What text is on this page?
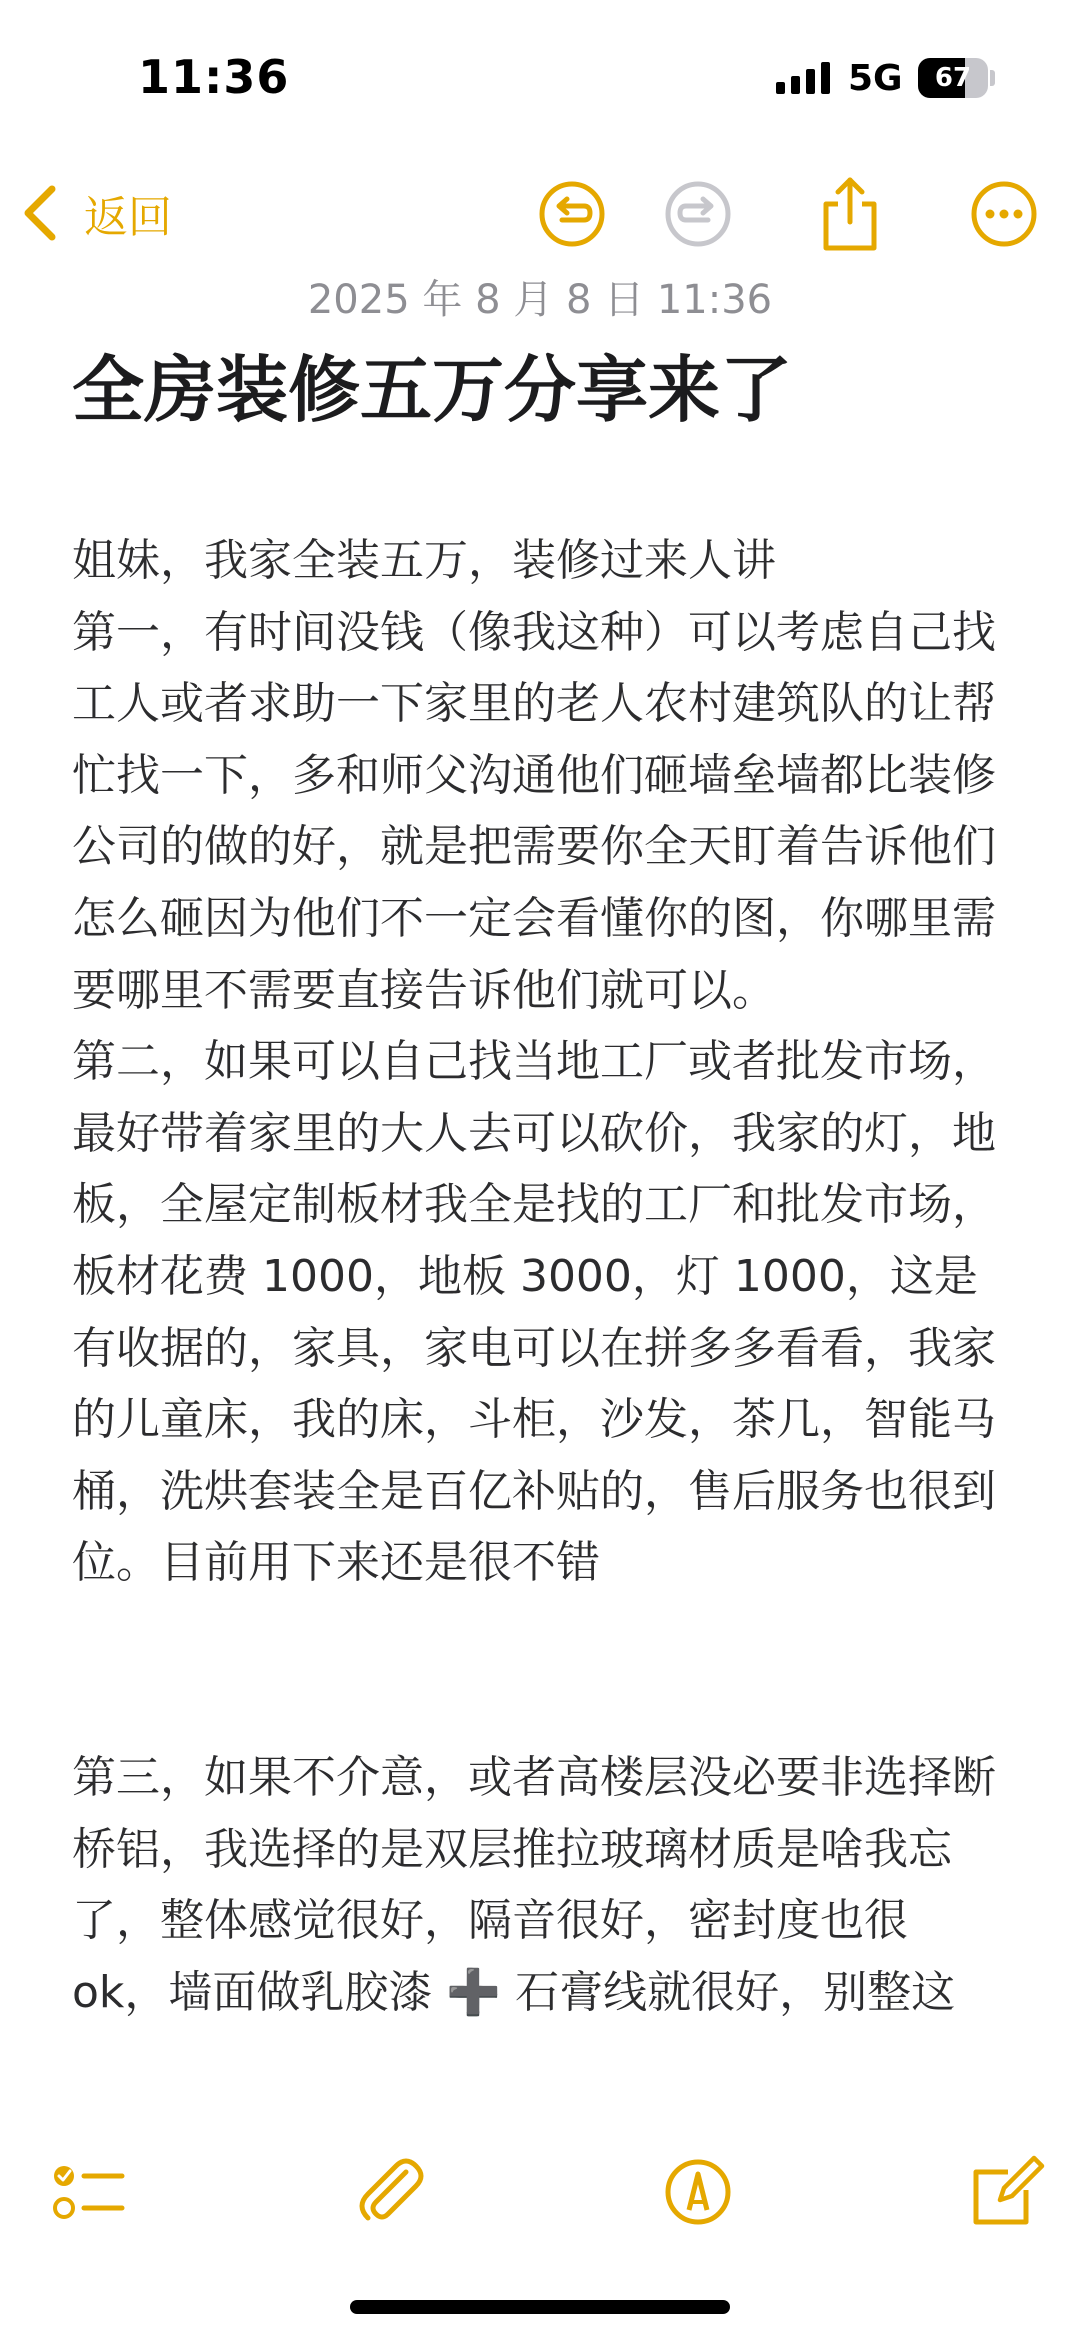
11:36	5G	67
返回
2025 年 8 月 8 日 11:36
全房装修五万分享来了

姐妹，我家全装五万，装修过来人讲

第一，有时间没钱（像我这种）可以考虑自己找工人或者求助一下家里的老人农村建筑队的让帮忙找一下，多和师父沟通他们砸墙垒墙都比装修公司的做的好，就是把需要你全天盯着告诉他们怎么砸因为他们不一定会看懂你的图，你哪里需要哪里不需要直接告诉他们就可以。

第二，如果可以自己找当地工厂或者批发市场，最好带着家里的大人去可以砍价，我家的灯，地板，全屋定制板材我全是找的工厂和批发市场，板材花费 1000，地板 3000，灯 1000，这是有收据的，家具，家电可以在拼多多看看，我家的儿童床，我的床，斗柜，沙发，茶几，智能马桶，洗烘套装全是百亿补贴的，售后服务也很到位。目前用下来还是很不错

第三，如果不介意，或者高楼层没必要非选择断桥铝，我选择的是双层推拉玻璃材质是啥我忘了，整体感觉很好，隔音很好，密封度也很 ok，墙面做乳胶漆 ➕ 石膏线就很好，别整这
